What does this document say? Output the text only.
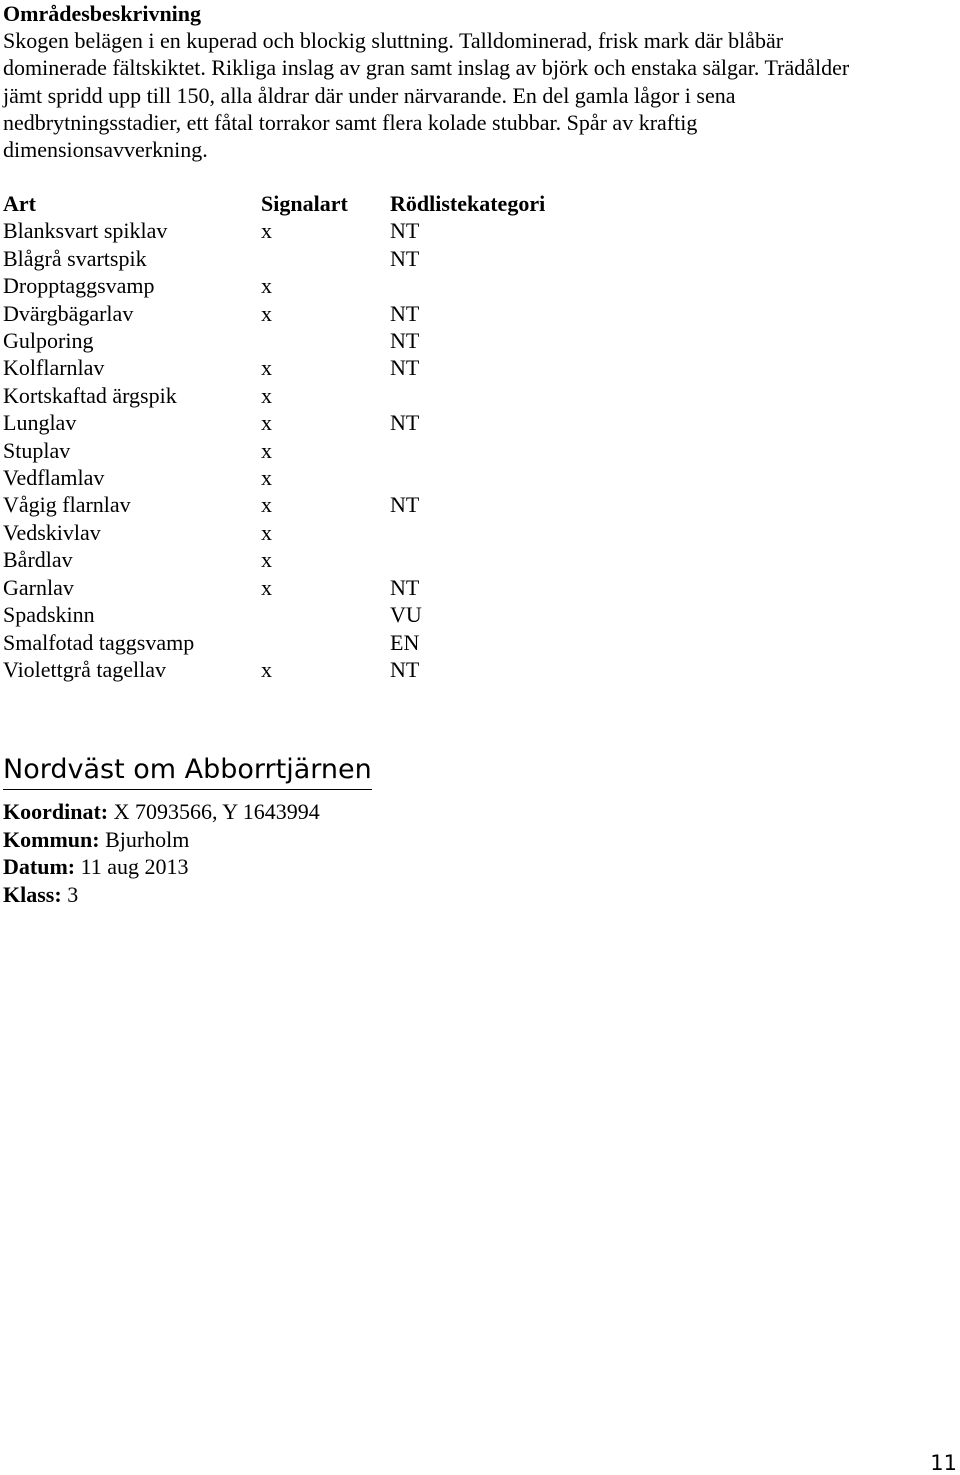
Områdesbeskrivning

Skogen belägen i en kuperad och blockig sluttning. Talldominerad, frisk mark där blåbär dominerade fältskiktet. Rikliga inslag av gran samt inslag av björk och enstaka sälgar. Trädålder jämt spridd upp till 150, alla åldrar där under närvarande. En del gamla lågor i sena nedbrytningsstadier, ett fåtal torrakor samt flera kolade stubbar. Spår av kraftig dimensionsavverkning.

Art	Signalart	Rödlistekategori
Blanksvart spiklav	x	NT
Blågrå svartspik		NT
Dropptaggsvamp	x	
Dvärgbägarlav	x	NT
Gulporing		NT
Kolflarnlav	x	NT
Kortskaftad ärgspik	x	
Lunglav	x	NT
Stuplav	x	
Vedflamlav	x	
Vågig flarnlav	x	NT
Vedskivlav	x	
Bårdlav	x	
Garnlav	x	NT
Spadskinn		VU
Smalfotad taggsvamp		EN
Violettgrå tagellav	x	NT
Nordväst om Abborrtjärnen
Koordinat: X 7093566, Y 1643994
Kommun: Bjurholm
Datum: 11 aug 2013
Klass: 3
11
